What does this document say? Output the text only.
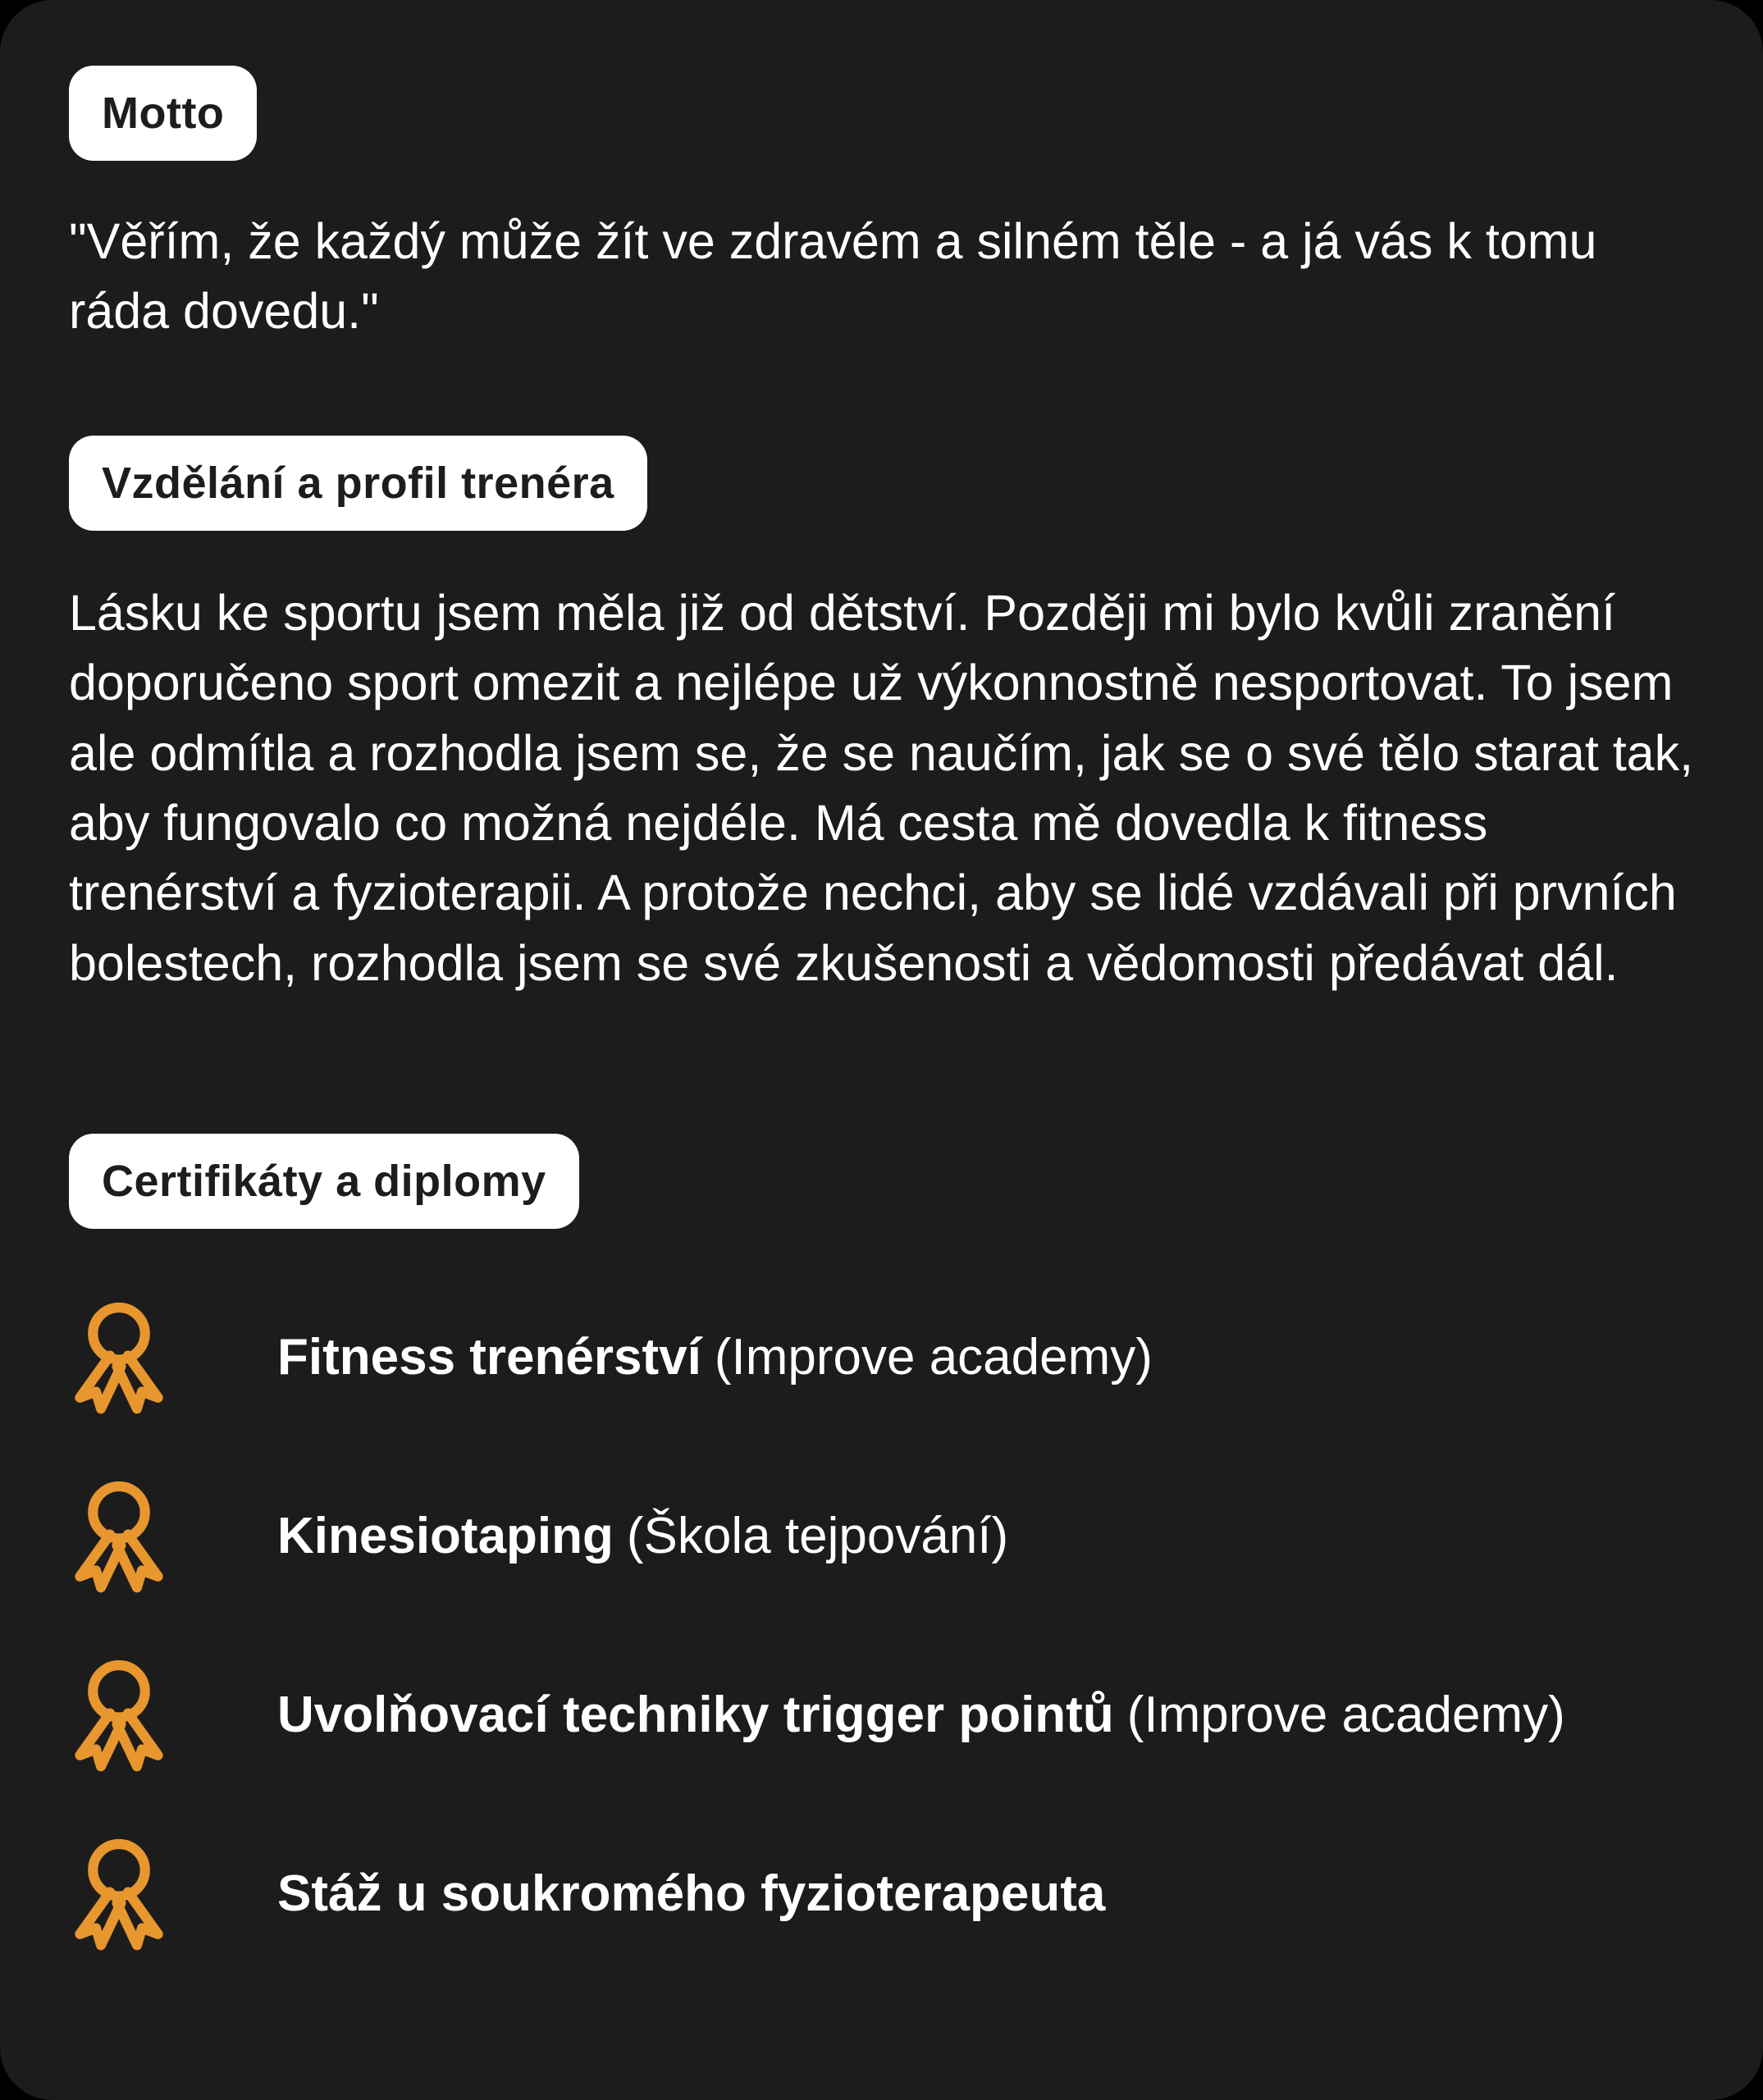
Motto

"Věřím, že každý může žít ve zdravém a silném těle - a já vás k tomu ráda dovedu."

Vzdělání a profil trenéra

Lásku ke sportu jsem měla již od dětství. Později mi bylo kvůli zranění doporučeno sport omezit a nejlépe už výkonnostně nesportovat. To jsem ale odmítla a rozhodla jsem se, že se naučím, jak se o své tělo starat tak, aby fungovalo co možná nejdéle. Má cesta mě dovedla k fitness trenérství a fyzioterapii. A protože nechci, aby se lidé vzdávali při prvních bolestech, rozhodla jsem se své zkušenosti a vědomosti předávat dál.

Certifikáty a diplomy
Fitness trenérství (Improve academy)
Kinesiotaping (Škola tejpování)
Uvolňovací techniky trigger pointů (Improve academy)
Stáž u soukromého fyzioterapeuta
